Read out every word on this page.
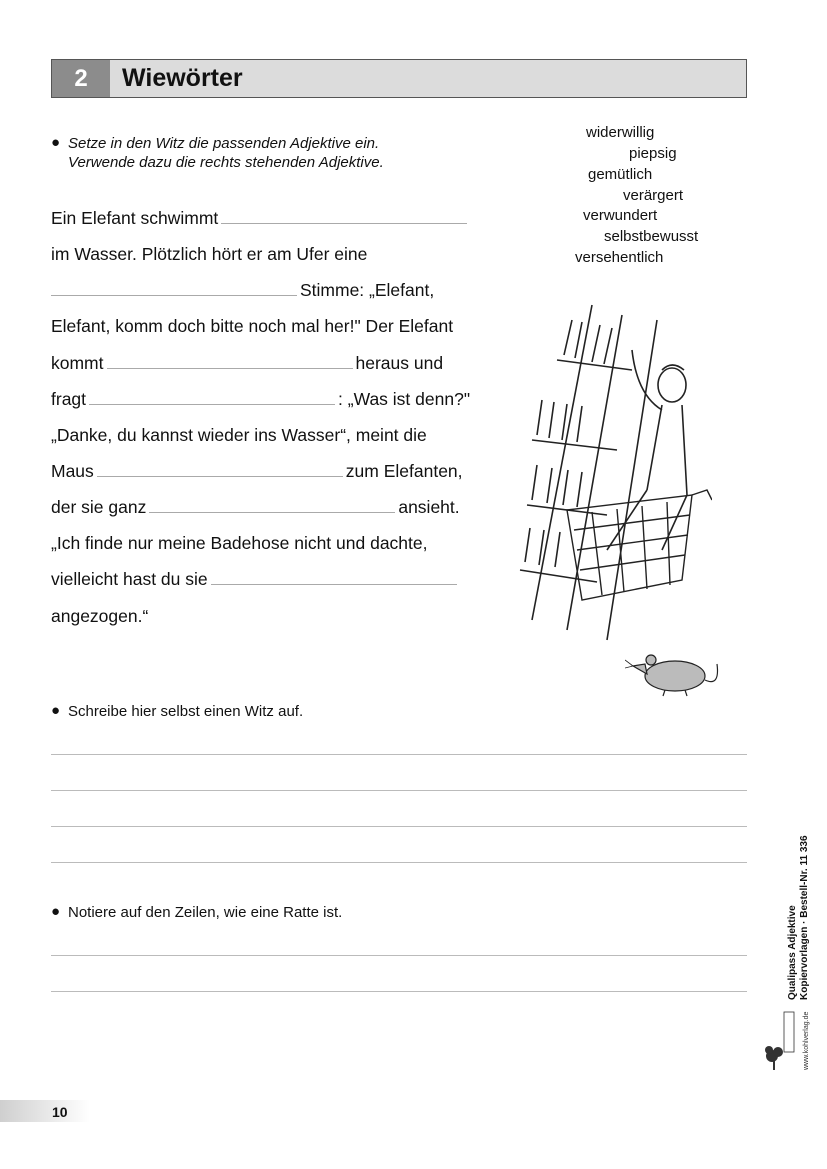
2	Wiewörter
● Setze in den Witz die passenden Adjektive ein.
Verwende dazu die rechts stehenden Adjektive.
widerwillig
piepsig
gemütlich
verärgert
verwundert
selbstbewusst
versehentlich
Ein Elefant schwimmt
im Wasser. Plötzlich hört er am Ufer eine
Stimme: „Elefant,
Elefant, komm doch bitte noch mal her!" Der Elefant
kommt	heraus und
fragt	: „Was ist denn?"
„Danke, du kannst wieder ins Wasser“, meint die
Maus	zum Elefanten,
der sie ganz	ansieht.
„Ich finde nur meine Badehose nicht und dachte,
vielleicht hast du sie
angezogen.“
● Schreibe hier selbst einen Witz auf.
● Notiere auf den Zeilen, wie eine Ratte ist.	Qualipass Adjektive Kopiervorlagen · Bestell-Nr. 11 336
www.kohlverlag.de
10
